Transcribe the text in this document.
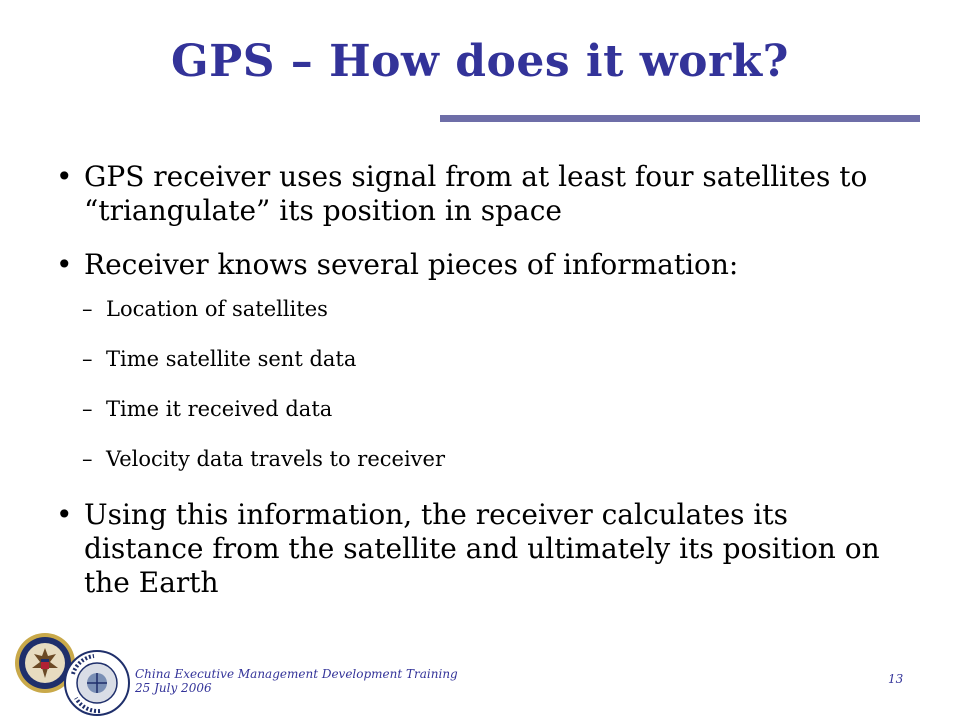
GPS – How does it work?
• GPS receiver uses signal from at least four satellites to “triangulate” its position in space
• Receiver knows several pieces of information:
– Location of satellites
– Time satellite sent data
– Time it received data
– Velocity data travels to receiver
• Using this information, the receiver calculates its distance from the satellite and ultimately its position on the Earth
China Executive Management Development Training
25 July 2006
13
